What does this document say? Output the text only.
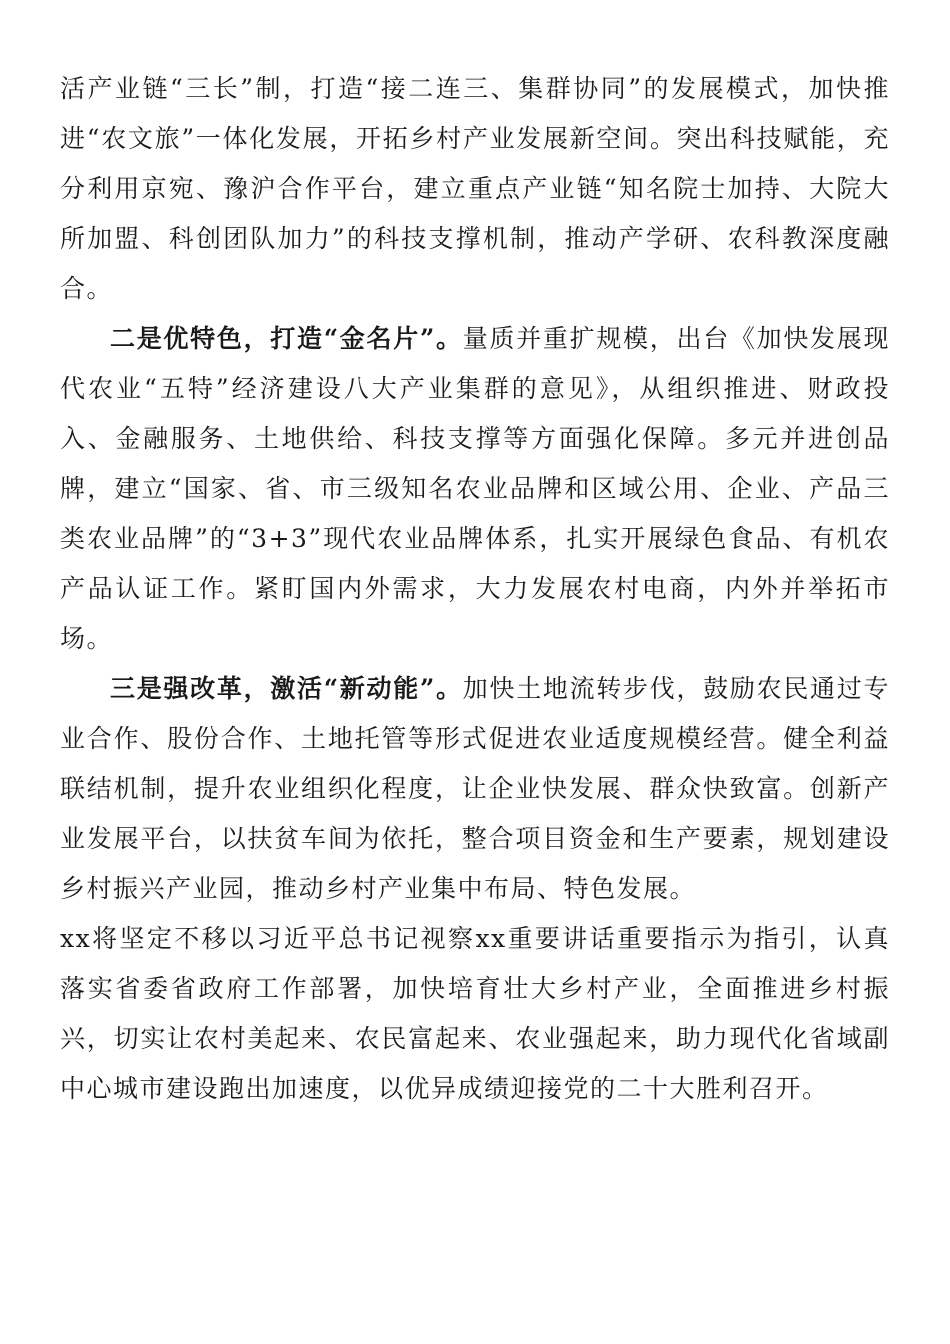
活产业链“三长”制，打造“接二连三、集群协同”的发展模式，加快推进“农文旅”一体化发展，开拓乡村产业发展新空间。突出科技赋能，充分利用京宛、豫沪合作平台，建立重点产业链“知名院士加持、大院大所加盟、科创团队加力”的科技支撑机制，推动产学研、农科教深度融合。

二是优特色，打造“金名片”。量质并重扩规模，出台《加快发展现代农业“五特”经济建设八大产业集群的意见》，从组织推进、财政投入、金融服务、土地供给、科技支撑等方面强化保障。多元并进创品牌，建立“国家、省、市三级知名农业品牌和区域公用、企业、产品三类农业品牌”的“3+3”现代农业品牌体系，扎实开展绿色食品、有机农产品认证工作。紧盯国内外需求，大力发展农村电商，内外并举拓市场。

三是强改革，激活“新动能”。加快土地流转步伐，鼓励农民通过专业合作、股份合作、土地托管等形式促进农业适度规模经营。健全利益联结机制，提升农业组织化程度，让企业快发展、群众快致富。创新产业发展平台，以扶贫车间为依托，整合项目资金和生产要素，规划建设乡村振兴产业园，推动乡村产业集中布局、特色发展。

xx将坚定不移以习近平总书记视察xx重要讲话重要指示为指引，认真落实省委省政府工作部署，加快培育壮大乡村产业，全面推进乡村振兴，切实让农村美起来、农民富起来、农业强起来，助力现代化省域副中心城市建设跑出加速度，以优异成绩迎接党的二十大胜利召开。
